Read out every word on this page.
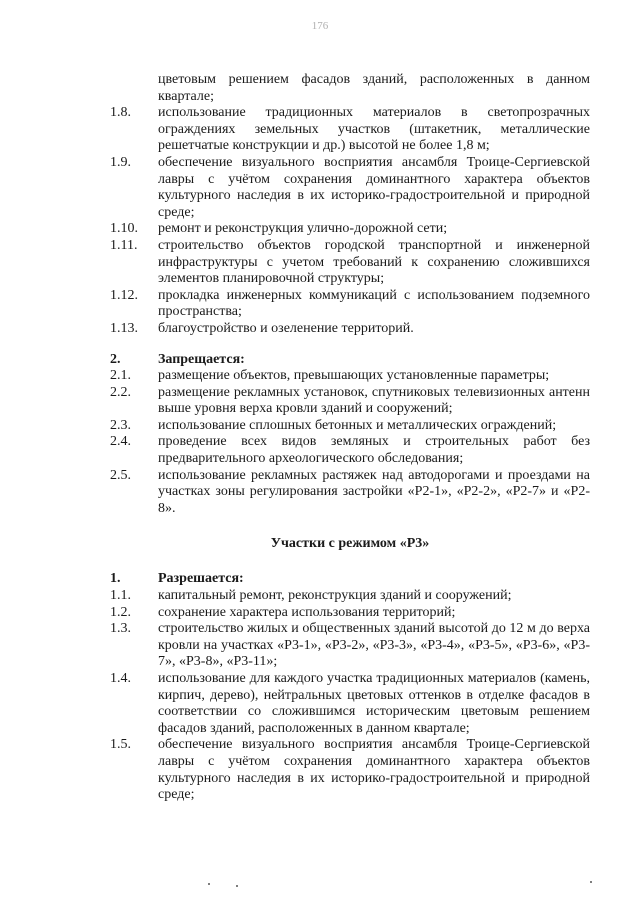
176
цветовым решением фасадов зданий, расположенных в данном квартале;
1.8.	использование традиционных материалов в светопрозрачных ограждениях земельных участков (штакетник, металлические решетчатые конструкции и др.) высотой не более 1,8 м;
1.9.	обеспечение визуального восприятия ансамбля Троице-Сергиевской лавры с учётом сохранения доминантного характера объектов культурного наследия в их историко-градостроительной и природной среде;
1.10.	ремонт и реконструкция улично-дорожной сети;
1.11.	строительство объектов городской транспортной и инженерной инфраструктуры с учетом требований к сохранению сложившихся элементов планировочной структуры;
1.12.	прокладка инженерных коммуникаций с использованием подземного пространства;
1.13.	благоустройство и озеленение территорий.
2.	Запрещается:
2.1.	размещение объектов, превышающих установленные параметры;
2.2.	размещение рекламных установок, спутниковых телевизионных антенн выше уровня верха кровли зданий и сооружений;
2.3.	использование сплошных бетонных и металлических ограждений;
2.4.	проведение всех видов земляных и строительных работ без предварительного археологического обследования;
2.5.	использование рекламных растяжек над автодорогами и проездами на участках зоны регулирования застройки «Р2-1», «Р2-2», «Р2-7» и «Р2-8».
Участки с режимом «Р3»
1.	Разрешается:
1.1.	капитальный ремонт, реконструкция зданий и сооружений;
1.2.	сохранение характера использования территорий;
1.3.	строительство жилых и общественных зданий высотой до 12 м до верха кровли на участках «Р3-1», «Р3-2», «Р3-3», «Р3-4», «Р3-5», «Р3-6», «Р3-7», «Р3-8», «Р3-11»;
1.4.	использование для каждого участка традиционных материалов (камень, кирпич, дерево), нейтральных цветовых оттенков в отделке фасадов в соответствии со сложившимся историческим цветовым решением фасадов зданий, расположенных в данном квартале;
1.5.	обеспечение визуального восприятия ансамбля Троице-Сергиевской лавры с учётом сохранения доминантного характера объектов культурного наследия в их историко-градостроительной и природной среде;
